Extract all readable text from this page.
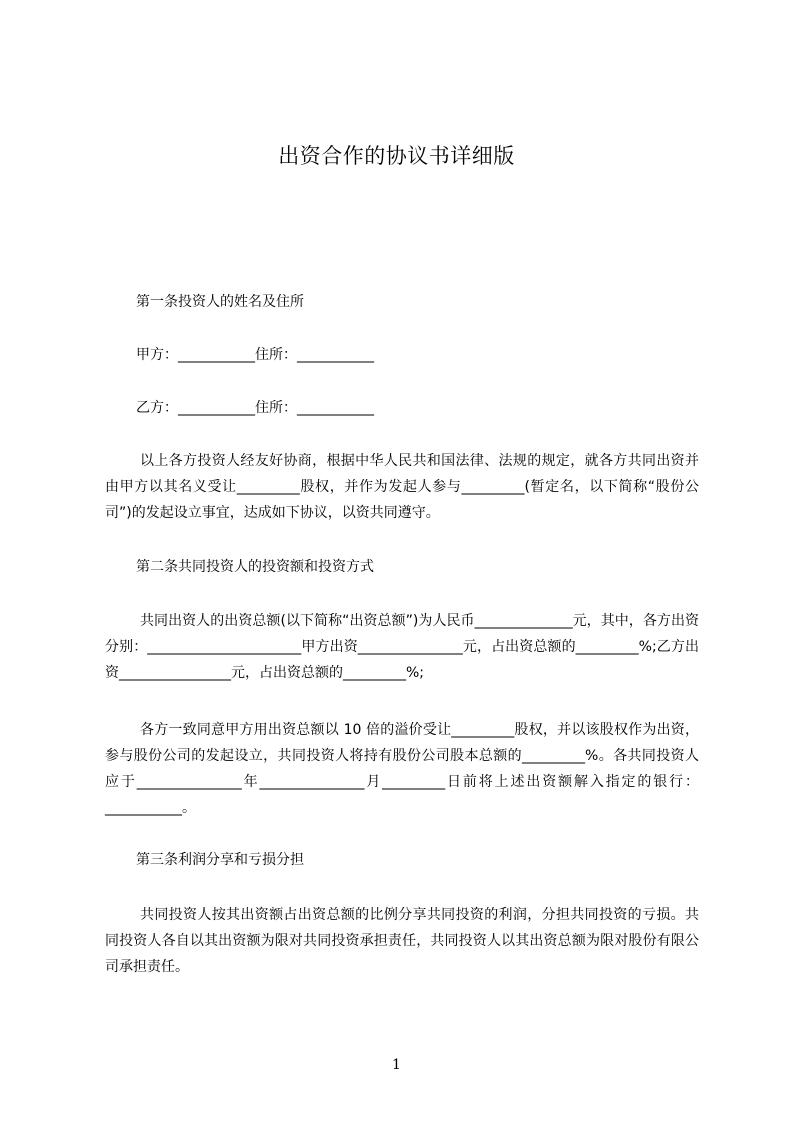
出资合作的协议书详细版
第一条投资人的姓名及住所
甲方：___________住所：___________
乙方：___________住所：___________

以上各方投资人经友好协商，根据中华人民共和国法律、法规的规定，就各方共同出资并由甲方以其名义受让_________股权，并作为发起人参与_________(暂定名，以下简称“股份公司”)的发起设立事宜，达成如下协议，以资共同遵守。

第二条共同投资人的投资额和投资方式

共同出资人的出资总额(以下简称“出资总额”)为人民币______________元，其中，各方出资分别：______________________甲方出资_______________元，占出资总额的_________%;乙方出资________________元，占出资总额的_________%;

各方一致同意甲方用出资总额以 10 倍的溢价受让_________股权，并以该股权作为出资，参与股份公司的发起设立，共同投资人将持有股份公司股本总额的_________%。各共同投资人应于_______________年_______________月_________日前将上述出资额解入指定的银行：___________。

第三条利润分享和亏损分担

共同投资人按其出资额占出资总额的比例分享共同投资的利润，分担共同投资的亏损。共同投资人各自以其出资额为限对共同投资承担责任，共同投资人以其出资总额为限对股份有限公司承担责任。

1
